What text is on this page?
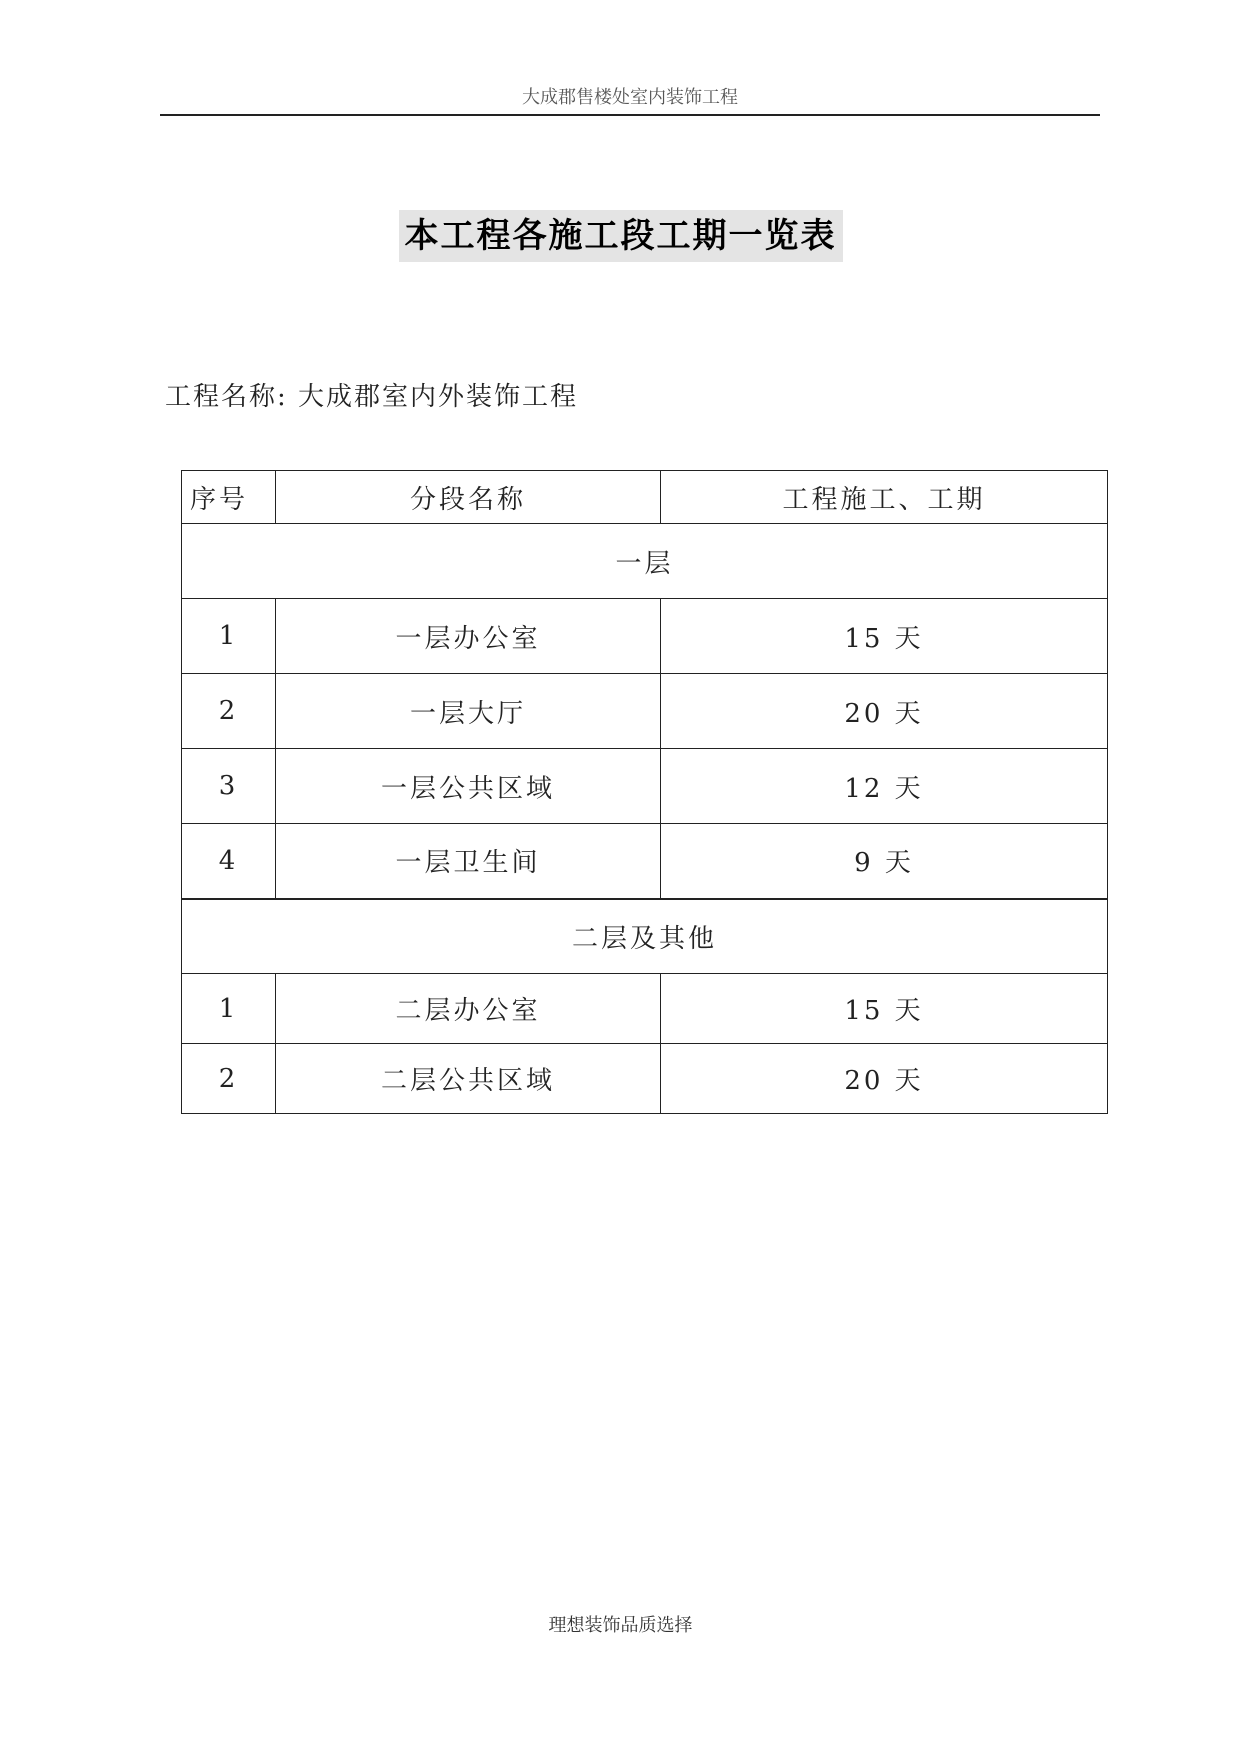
大成郡售楼处室内装饰工程
本工程各施工段工期一览表
工程名称: 大成郡室内外装饰工程
序号	分段名称	工程施工、工期
一层		
1	一层办公室	15 天
2	一层大厅	20 天
3	一层公共区域	12 天
4	一层卫生间	9 天
二层及其他		
1	二层办公室	15 天
2	二层公共区域	20 天
理想装饰品质选择
